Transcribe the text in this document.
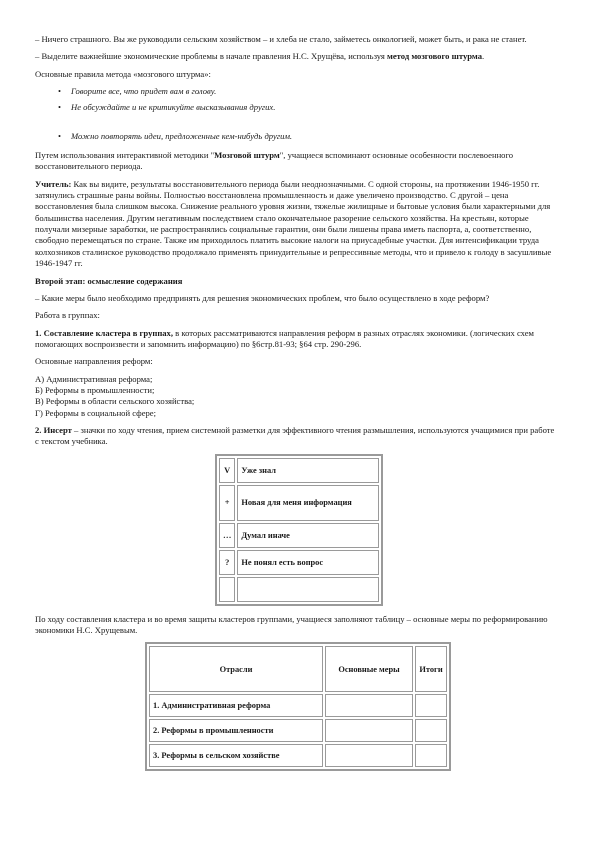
– Ничего страшного. Вы же руководили сельским хозяйством – и хлеба не стало, займетесь онкологией, может быть, и рака не станет.

– Выделите важнейшие экономические проблемы в начале правления Н.С. Хрущёва, используя метод мозгового штурма.

Основные правила метода «мозгового штурма»:

• Говорите все, что придет вам в голову.
• Не обсуждайте и не критикуйте высказывания других.
• Можно повторять идеи, предложенные кем-нибудь другим.

Путем использования интерактивной методики "Мозговой штурм", учащиеся вспоминают основные особенности послевоенного восстановительного периода.

Учитель: Как вы видите, результаты восстановительного периода были неоднозначными. С одной стороны, на протяжении 1946-1950 гг. затянулись страшные раны войны. Полностью восстановлена промышленность и даже увеличено производство. С другой – цена восстановления была слишком высока. Снижение реального уровня жизни, тяжелые жилищные и бытовые условия были характерными для большинства населения. Другим негативным последствием стало окончательное разорение сельского хозяйства. На крестьян, которые получали мизерные заработки, не распространялись социальные гарантии, они были лишены права иметь паспорта, а, соответственно, свободно перемещаться по стране. Также им приходилось платить высокие налоги на приусадебные участки. Для интенсификации труда колхозников сталинское руководство продолжало применять принудительные и репрессивные методы, что и привело к голоду в засушливые 1946-1947 гг.

Второй этап: осмысление содержания

– Какие меры было необходимо предпринять для решения экономических проблем, что было осуществлено в ходе реформ?

Работа в группах:

1. Составление кластера в группах, в которых рассматриваются направления реформ в разных отраслях экономики. (логических схем помогающих воспроизвести и запомнить информацию) по §6стр.81-93; §64 стр. 290-296.

Основные направления реформ:

А) Административная реформа;
Б) Реформы в промышленности;
В) Реформы в области сельского хозяйства;
Г) Реформы в социальной сфере;

2. Инсерт – значки по ходу чтения, прием системной разметки для эффективного чтения размышления, используются учащимися при работе с текстом учебника.

V	Уже знал
+	Новая для меня информация
…	Думал иначе
?	Не понял есть вопрос

По ходу составления кластера и во время защиты кластеров группами, учащиеся заполняют таблицу – основные меры по реформированию экономики Н.С. Хрущевым.

Отрасли	Основные меры	Итоги
1. Административная реформа		
2. Реформы в промышленности		
3. Реформы в сельском хозяйстве		
